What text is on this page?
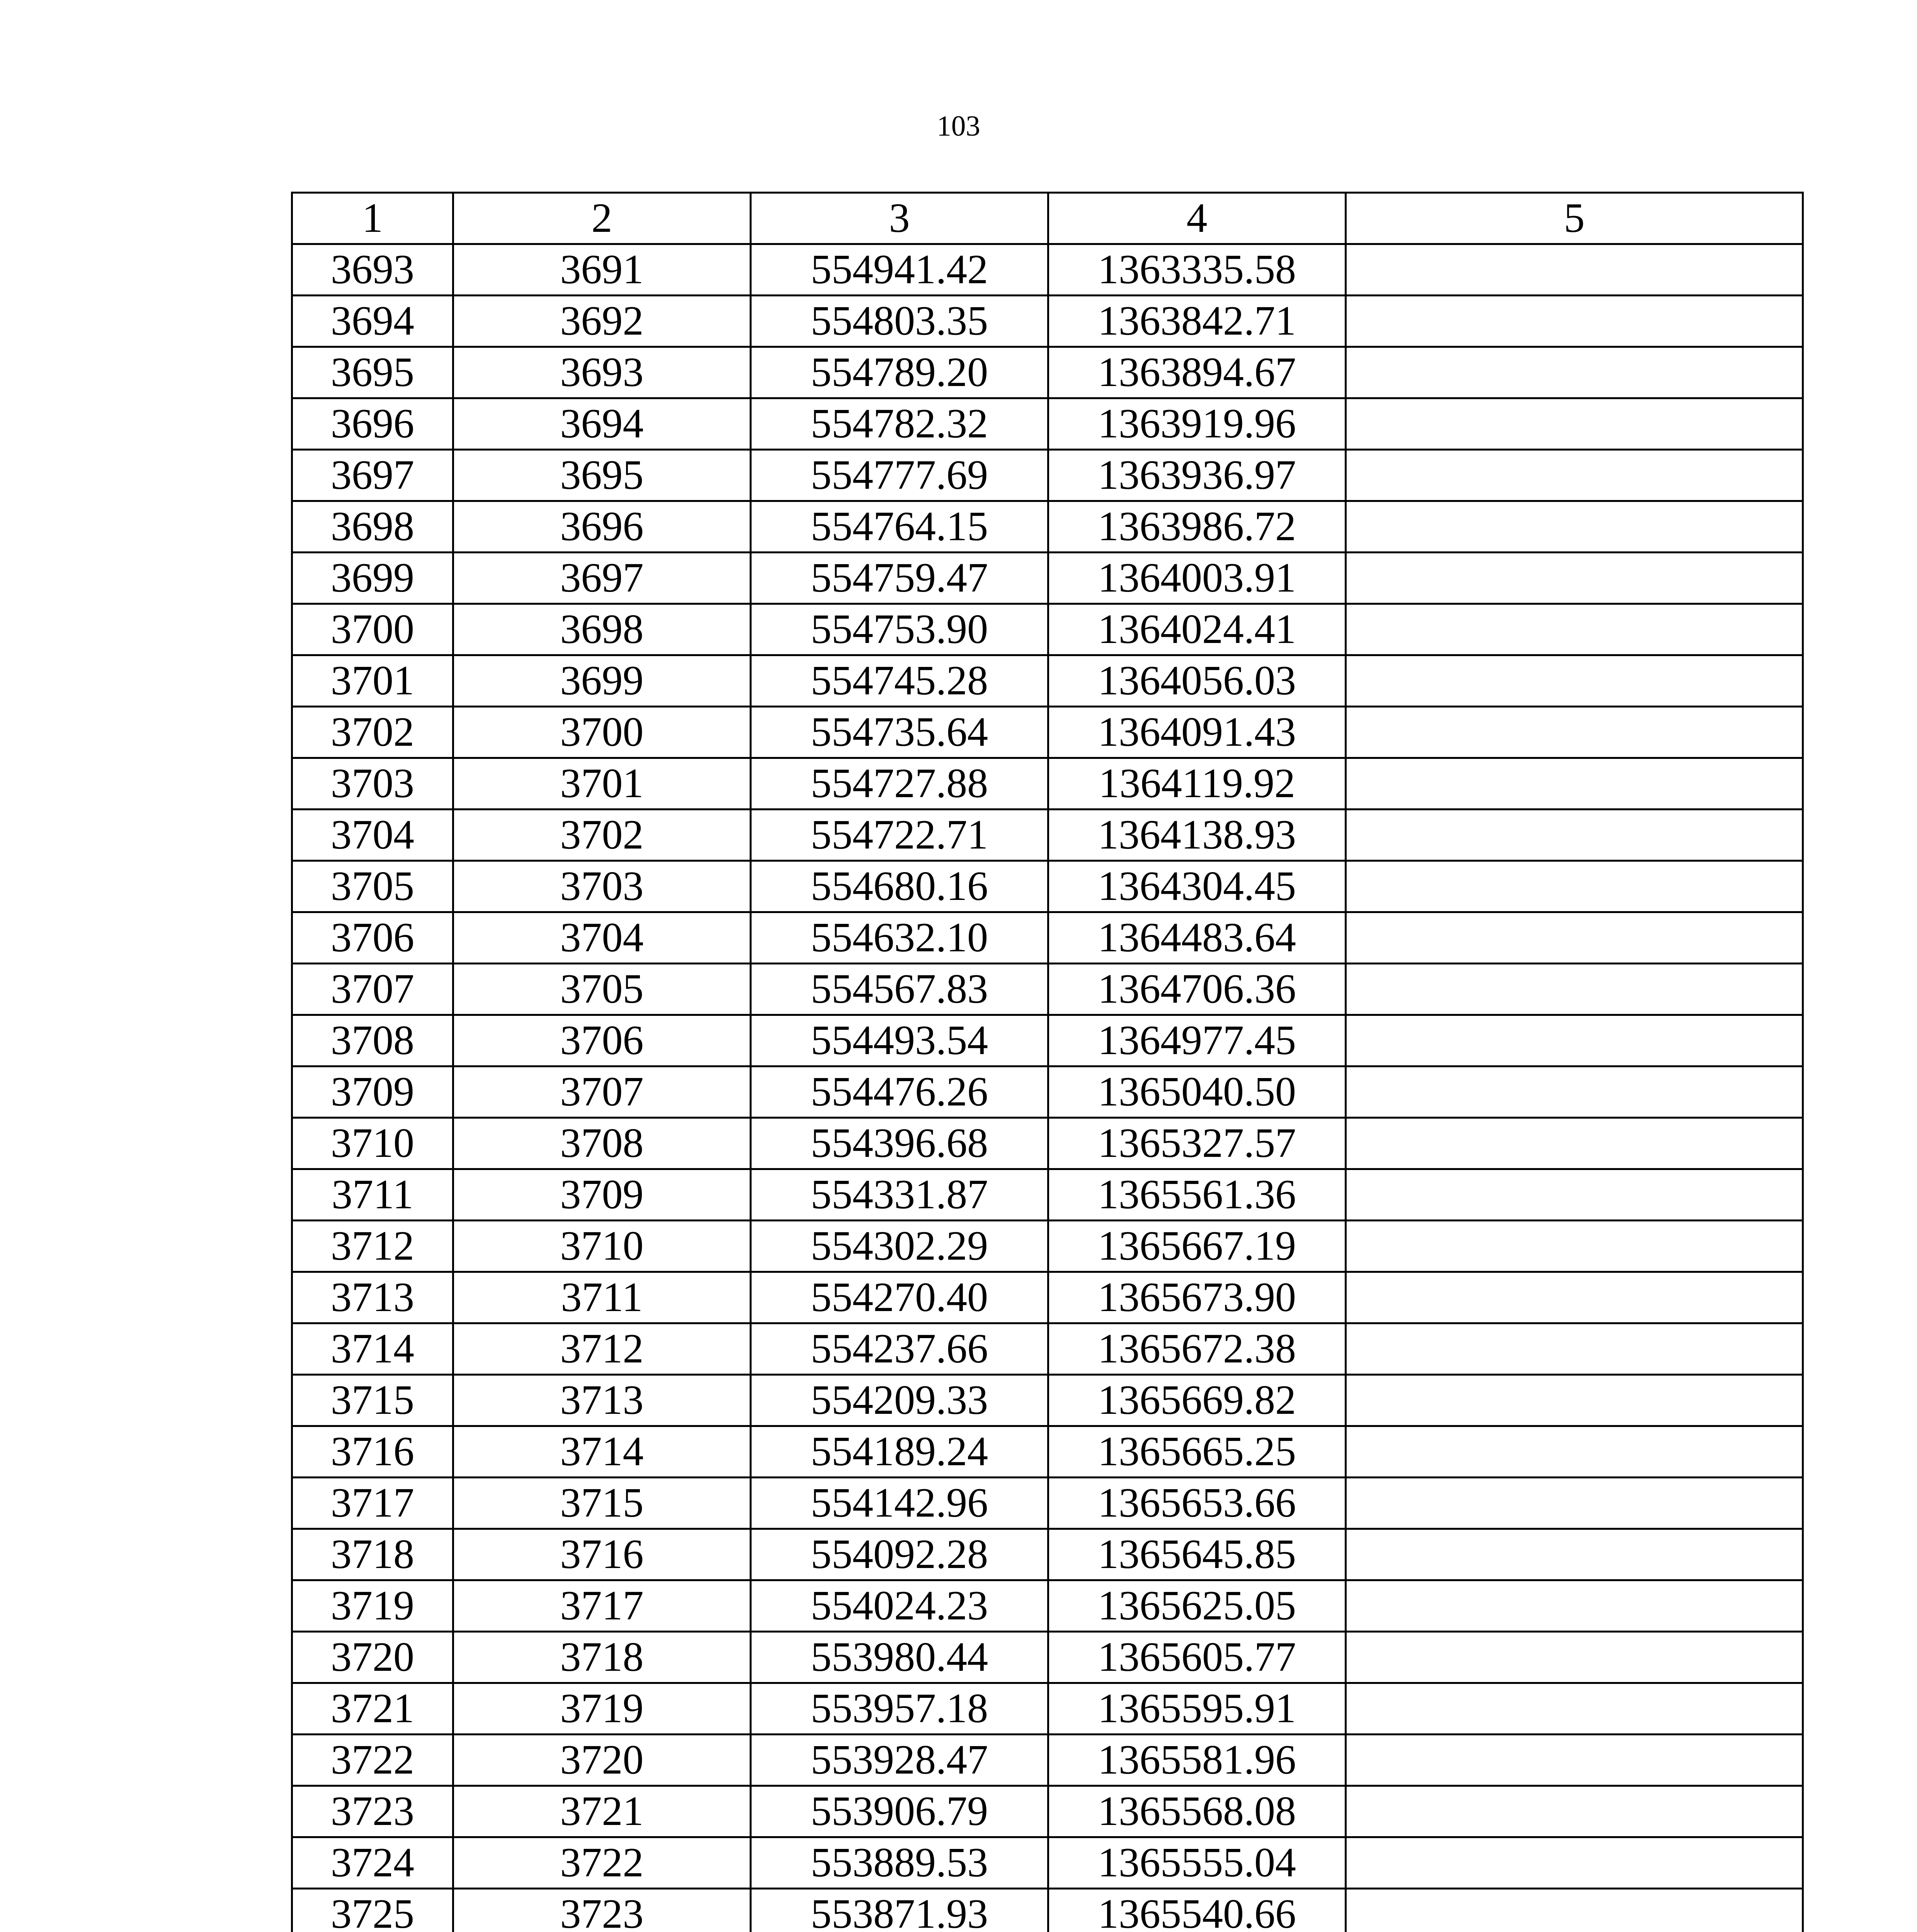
103
1	2	3	4	5
3693	3691	554941.42	1363335.58	
3694	3692	554803.35	1363842.71	
3695	3693	554789.20	1363894.67	
3696	3694	554782.32	1363919.96	
3697	3695	554777.69	1363936.97	
3698	3696	554764.15	1363986.72	
3699	3697	554759.47	1364003.91	
3700	3698	554753.90	1364024.41	
3701	3699	554745.28	1364056.03	
3702	3700	554735.64	1364091.43	
3703	3701	554727.88	1364119.92	
3704	3702	554722.71	1364138.93	
3705	3703	554680.16	1364304.45	
3706	3704	554632.10	1364483.64	
3707	3705	554567.83	1364706.36	
3708	3706	554493.54	1364977.45	
3709	3707	554476.26	1365040.50	
3710	3708	554396.68	1365327.57	
3711	3709	554331.87	1365561.36	
3712	3710	554302.29	1365667.19	
3713	3711	554270.40	1365673.90	
3714	3712	554237.66	1365672.38	
3715	3713	554209.33	1365669.82	
3716	3714	554189.24	1365665.25	
3717	3715	554142.96	1365653.66	
3718	3716	554092.28	1365645.85	
3719	3717	554024.23	1365625.05	
3720	3718	553980.44	1365605.77	
3721	3719	553957.18	1365595.91	
3722	3720	553928.47	1365581.96	
3723	3721	553906.79	1365568.08	
3724	3722	553889.53	1365555.04	
3725	3723	553871.93	1365540.66	
